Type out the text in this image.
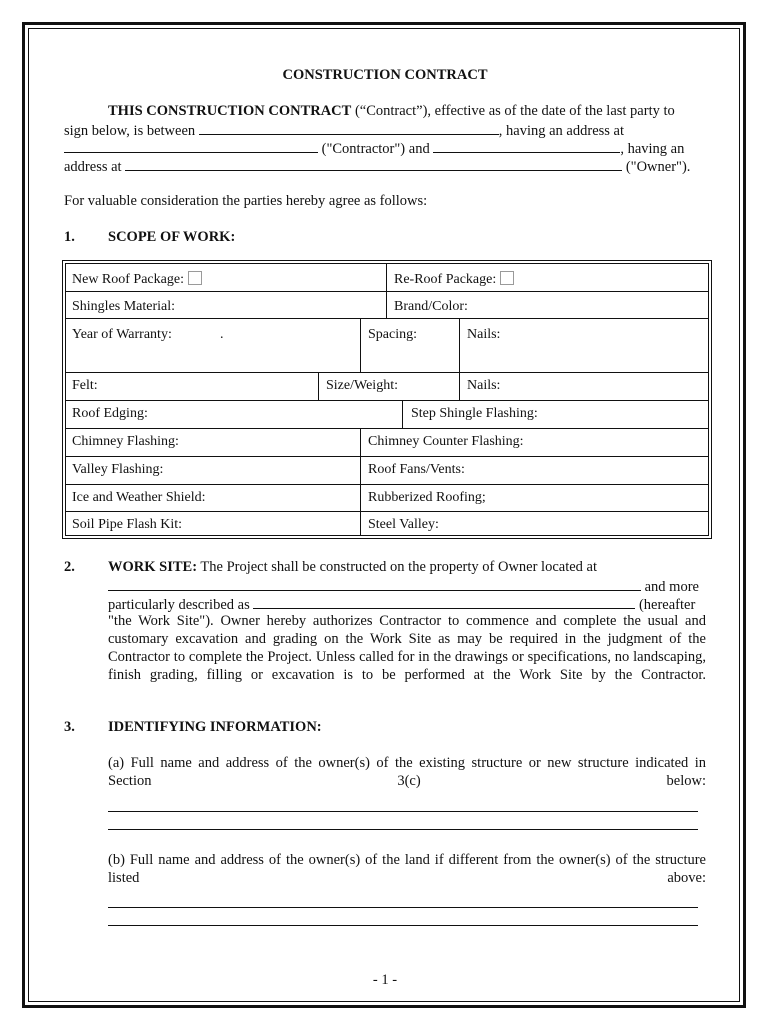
CONSTRUCTION CONTRACT
THIS CONSTRUCTION CONTRACT (“Contract”), effective as of the date of the last party to
sign below, is between	, having an address at
("Contractor") and	, having an
address at	("Owner").
For valuable consideration the parties hereby agree as follows:
1. SCOPE OF WORK:
New Roof Package:	Re-Roof Package:
Shingles Material:	Brand/Color:
Year of Warranty:	.	Spacing:	Nails:
Felt:	Size/Weight:	Nails:
Roof Edging:	Step Shingle Flashing:
Chimney Flashing:	Chimney Counter Flashing:
Valley Flashing:	Roof Fans/Vents:
Ice and Weather Shield:	Rubberized Roofing;
Soil Pipe Flash Kit:	Steel Valley:
2. WORK SITE: The Project shall be constructed on the property of Owner located at
and more
particularly described as	(hereafter
"the Work Site"). Owner hereby authorizes Contractor to commence and complete the usual and customary excavation and grading on the Work Site as may be required in the judgment of the Contractor to complete the Project. Unless called for in the drawings or specifications, no landscaping, finish grading, filling or excavation is to be performed at the Work Site by the Contractor.
3. IDENTIFYING INFORMATION:
(a) Full name and address of the owner(s) of the existing structure or new structure indicated in Section 3(c) below:
(b) Full name and address of the owner(s) of the land if different from the owner(s) of the structure listed above:
- 1 -
